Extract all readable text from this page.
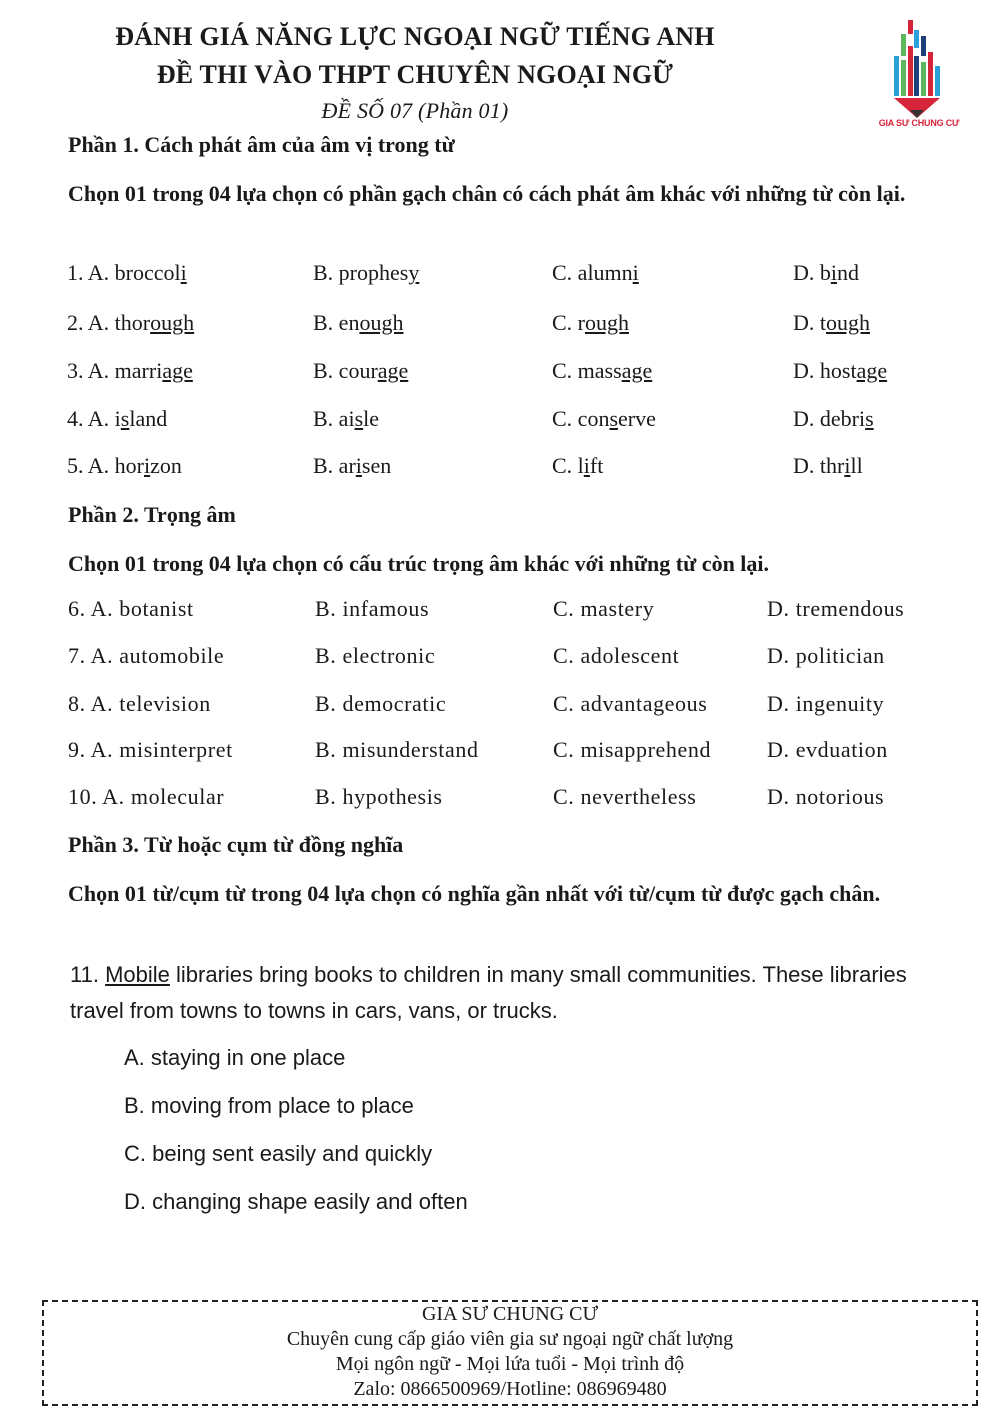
ĐÁNH GIÁ NĂNG LỰC NGOẠI NGỮ TIẾNG ANH
ĐỀ THI VÀO THPT CHUYÊN NGOẠI NGỮ
ĐỀ SỐ 07 (Phần 01)	GIA SƯ CHUNG CƯ
Phần 1. Cách phát âm của âm vị trong từ
Chọn 01 trong 04 lựa chọn có phần gạch chân có cách phát âm khác với những từ còn lại.
1. A. broccoli	B. prophesy	C. alumni	D. bind
2. A. thorough	B. enough	C. rough	D. tough
3. A. marriage	B. courage	C. massage	D. hostage
4. A. island	B. aisle	C. conserve	D. debris
5. A. horizon	B. arisen	C. lift	D. thrill
Phần 2. Trọng âm
Chọn 01 trong 04 lựa chọn có cấu trúc trọng âm khác với những từ còn lại.
6. A. botanist	B. infamous	C. mastery	D. tremendous
7. A. automobile	B. electronic	C. adolescent	D. politician
8. A. television	B. democratic	C. advantageous	D. ingenuity
9. A. misinterpret	B. misunderstand	C. misapprehend	D. evduation
10. A. molecular	B. hypothesis	C. nevertheless	D. notorious
Phần 3. Từ hoặc cụm từ đồng nghĩa
Chọn 01 từ/cụm từ trong 04 lựa chọn có nghĩa gần nhất với từ/cụm từ được gạch chân.
11. Mobile libraries bring books to children in many small communities. These libraries travel from towns to towns in cars, vans, or trucks.
A. staying in one place
B. moving from place to place
C. being sent easily and quickly
D. changing shape easily and often
GIA SƯ CHUNG CƯ
Chuyên cung cấp giáo viên gia sư ngoại ngữ chất lượng
Mọi ngôn ngữ - Mọi lứa tuổi - Mọi trình độ
Zalo: 0866500969/Hotline: 086969480
